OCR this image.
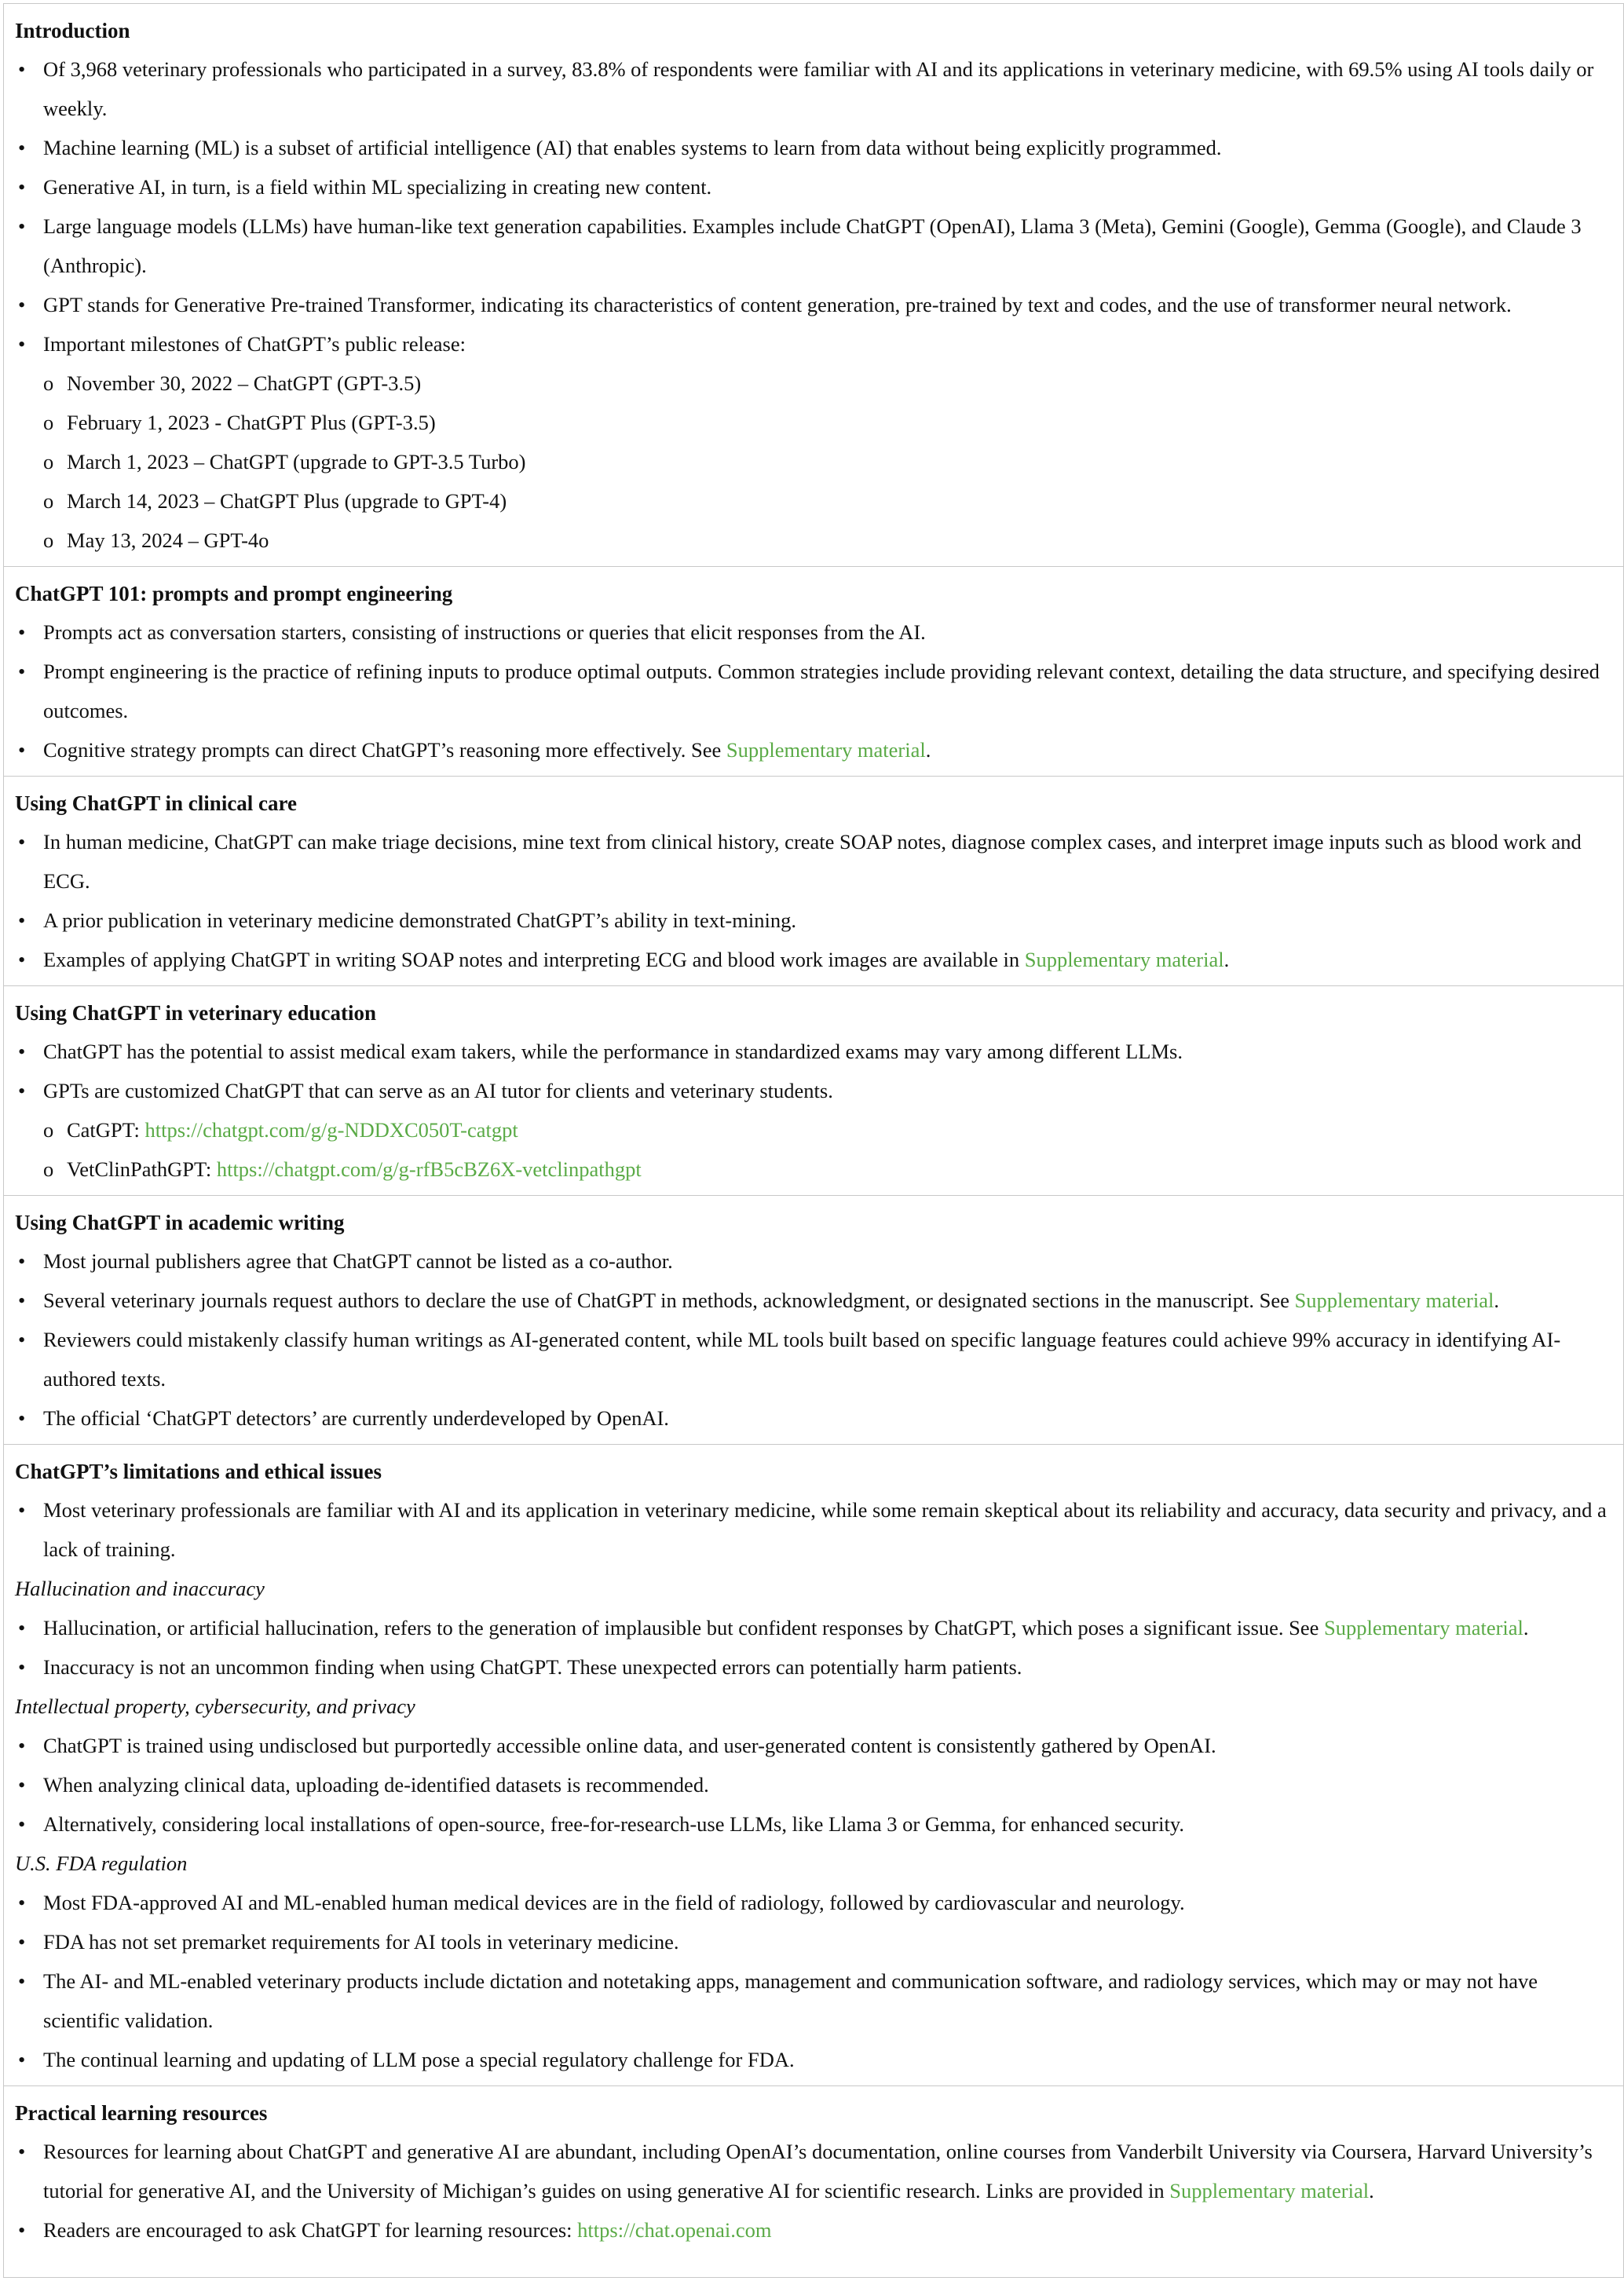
Introduction
• Of 3,968 veterinary professionals who participated in a survey, 83.8% of respondents were familiar with AI and its applications in veterinary medicine, with 69.5% using AI tools daily or weekly.
• Machine learning (ML) is a subset of artificial intelligence (AI) that enables systems to learn from data without being explicitly programmed.
• Generative AI, in turn, is a field within ML specializing in creating new content.
• Large language models (LLMs) have human-like text generation capabilities. Examples include ChatGPT (OpenAI), Llama 3 (Meta), Gemini (Google), Gemma (Google), and Claude 3 (Anthropic).
• GPT stands for Generative Pre-trained Transformer, indicating its characteristics of content generation, pre-trained by text and codes, and the use of transformer neural network.
• Important milestones of ChatGPT’s public release:
o November 30, 2022 – ChatGPT (GPT-3.5)
o February 1, 2023 - ChatGPT Plus (GPT-3.5)
o March 1, 2023 – ChatGPT (upgrade to GPT-3.5 Turbo)
o March 14, 2023 – ChatGPT Plus (upgrade to GPT-4)
o May 13, 2024 – GPT-4o
ChatGPT 101: prompts and prompt engineering
• Prompts act as conversation starters, consisting of instructions or queries that elicit responses from the AI.
• Prompt engineering is the practice of refining inputs to produce optimal outputs. Common strategies include providing relevant context, detailing the data structure, and specifying desired outcomes.
• Cognitive strategy prompts can direct ChatGPT’s reasoning more effectively. See Supplementary material.
Using ChatGPT in clinical care
• In human medicine, ChatGPT can make triage decisions, mine text from clinical history, create SOAP notes, diagnose complex cases, and interpret image inputs such as blood work and ECG.
• A prior publication in veterinary medicine demonstrated ChatGPT’s ability in text-mining.
• Examples of applying ChatGPT in writing SOAP notes and interpreting ECG and blood work images are available in Supplementary material.
Using ChatGPT in veterinary education
• ChatGPT has the potential to assist medical exam takers, while the performance in standardized exams may vary among different LLMs.
• GPTs are customized ChatGPT that can serve as an AI tutor for clients and veterinary students.
o CatGPT: https://chatgpt.com/g/g-NDDXC050T-catgpt
o VetClinPathGPT: https://chatgpt.com/g/g-rfB5cBZ6X-vetclinpathgpt
Using ChatGPT in academic writing
• Most journal publishers agree that ChatGPT cannot be listed as a co-author.
• Several veterinary journals request authors to declare the use of ChatGPT in methods, acknowledgment, or designated sections in the manuscript. See Supplementary material.
• Reviewers could mistakenly classify human writings as AI-generated content, while ML tools built based on specific language features could achieve 99% accuracy in identifying AI-authored texts.
• The official ‘ChatGPT detectors’ are currently underdeveloped by OpenAI.
ChatGPT’s limitations and ethical issues
• Most veterinary professionals are familiar with AI and its application in veterinary medicine, while some remain skeptical about its reliability and accuracy, data security and privacy, and a lack of training.
Hallucination and inaccuracy
• Hallucination, or artificial hallucination, refers to the generation of implausible but confident responses by ChatGPT, which poses a significant issue. See Supplementary material.
• Inaccuracy is not an uncommon finding when using ChatGPT. These unexpected errors can potentially harm patients.
Intellectual property, cybersecurity, and privacy
• ChatGPT is trained using undisclosed but purportedly accessible online data, and user-generated content is consistently gathered by OpenAI.
• When analyzing clinical data, uploading de-identified datasets is recommended.
• Alternatively, considering local installations of open-source, free-for-research-use LLMs, like Llama 3 or Gemma, for enhanced security.
U.S. FDA regulation
• Most FDA-approved AI and ML-enabled human medical devices are in the field of radiology, followed by cardiovascular and neurology.
• FDA has not set premarket requirements for AI tools in veterinary medicine.
• The AI- and ML-enabled veterinary products include dictation and notetaking apps, management and communication software, and radiology services, which may or may not have scientific validation.
• The continual learning and updating of LLM pose a special regulatory challenge for FDA.
Practical learning resources
• Resources for learning about ChatGPT and generative AI are abundant, including OpenAI’s documentation, online courses from Vanderbilt University via Coursera, Harvard University’s tutorial for generative AI, and the University of Michigan’s guides on using generative AI for scientific research. Links are provided in Supplementary material.
• Readers are encouraged to ask ChatGPT for learning resources: https://chat.openai.com
